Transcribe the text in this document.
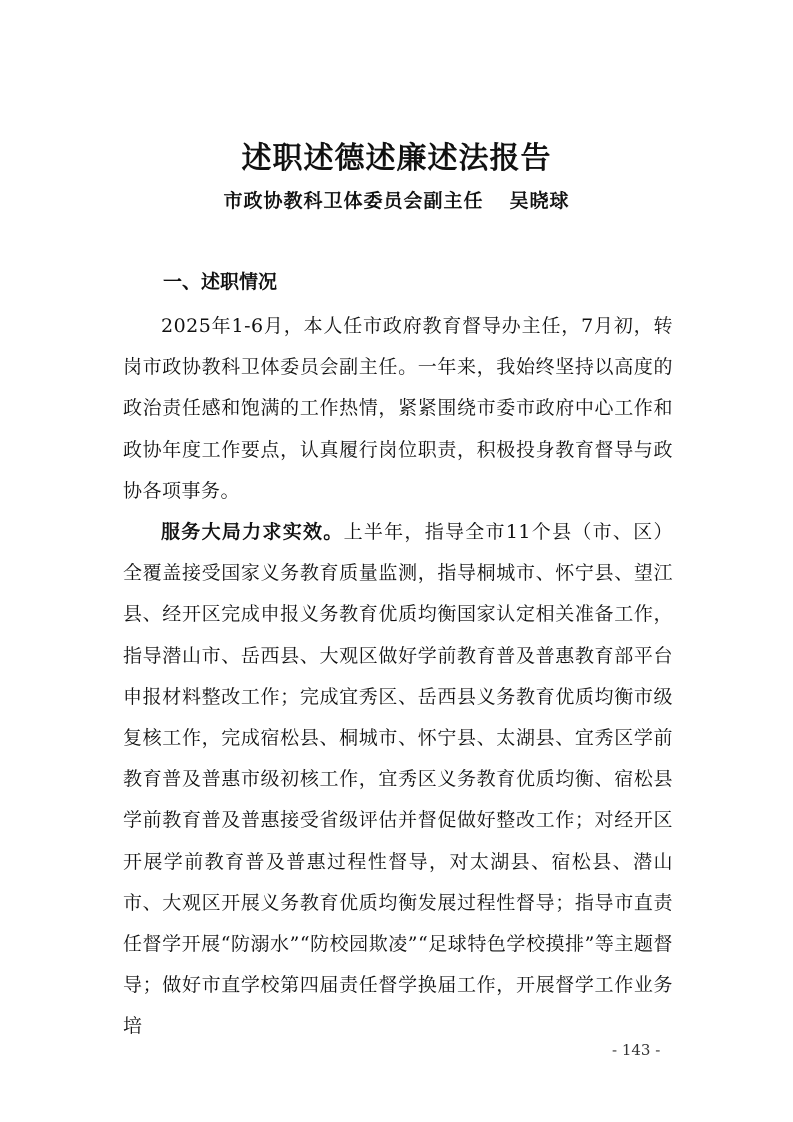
述职述德述廉述法报告
市政协教科卫体委员会副主任 吴晓球
一、述职情况

2025年1-6月，本人任市政府教育督导办主任，7月初，转岗市政协教科卫体委员会副主任。一年来，我始终坚持以高度的政治责任感和饱满的工作热情，紧紧围绕市委市政府中心工作和政协年度工作要点，认真履行岗位职责，积极投身教育督导与政协各项事务。

服务大局力求实效。上半年，指导全市11个县（市、区）全覆盖接受国家义务教育质量监测，指导桐城市、怀宁县、望江县、经开区完成申报义务教育优质均衡国家认定相关准备工作，指导潜山市、岳西县、大观区做好学前教育普及普惠教育部平台申报材料整改工作；完成宜秀区、岳西县义务教育优质均衡市级复核工作，完成宿松县、桐城市、怀宁县、太湖县、宜秀区学前教育普及普惠市级初核工作，宜秀区义务教育优质均衡、宿松县学前教育普及普惠接受省级评估并督促做好整改工作；对经开区开展学前教育普及普惠过程性督导，对太湖县、宿松县、潜山市、大观区开展义务教育优质均衡发展过程性督导；指导市直责任督学开展“防溺水”“防校园欺凌”“足球特色学校摸排”等主题督导；做好市直学校第四届责任督学换届工作，开展督学工作业务培

- 143 -
